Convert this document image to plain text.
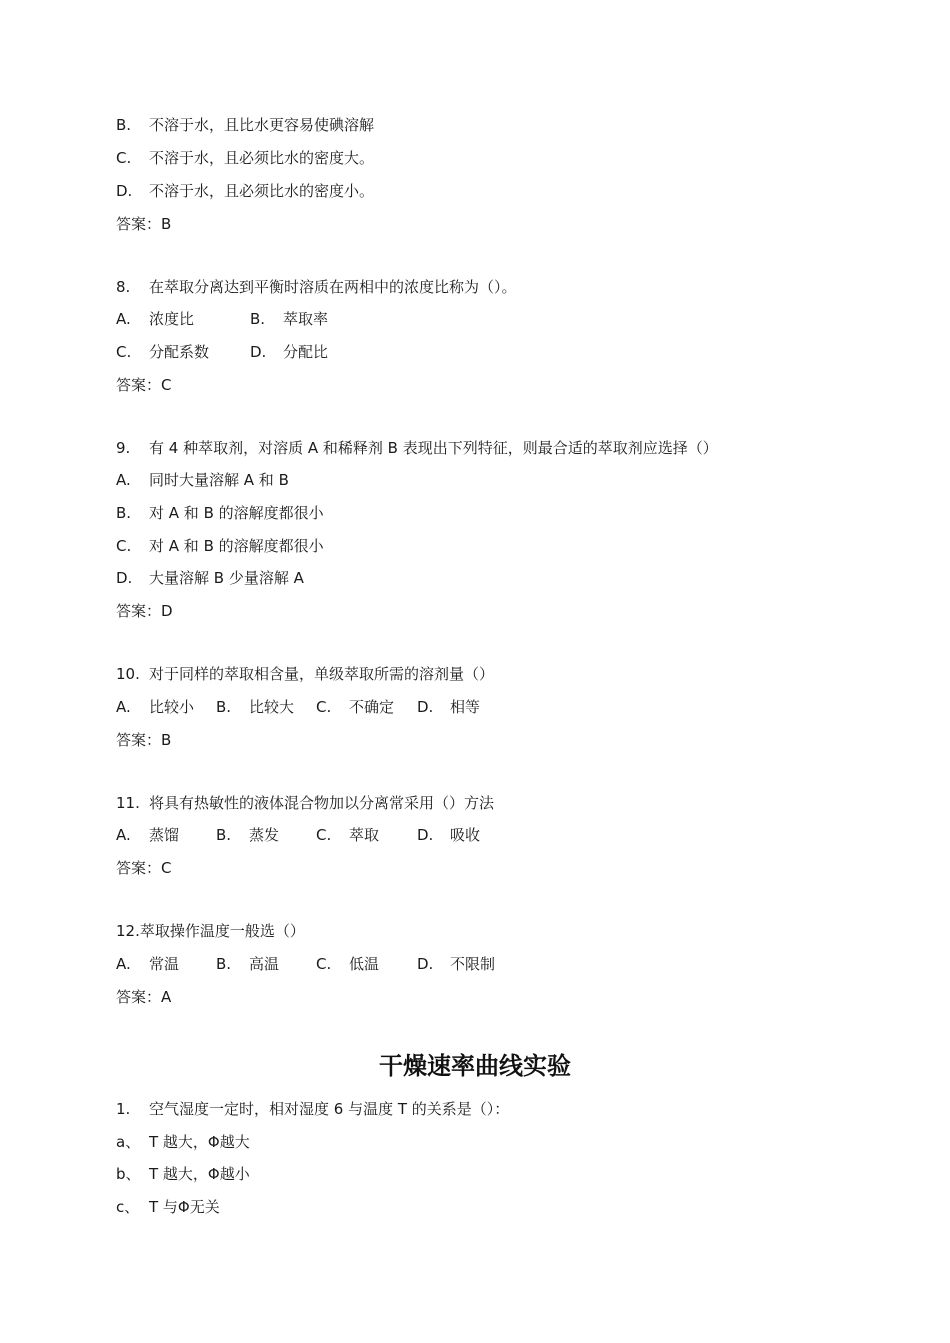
B. 不溶于水，且比水更容易使碘溶解
C. 不溶于水，且必须比水的密度大。
D. 不溶于水，且必须比水的密度小。
答案：B
8. 在萃取分离达到平衡时溶质在两相中的浓度比称为（）。
A. 浓度比	B. 萃取率
C. 分配系数	D. 分配比
答案：C
9. 有 4 种萃取剂，对溶质 A 和稀释剂 B 表现出下列特征，则最合适的萃取剂应选择（）
A. 同时大量溶解 A 和 B
B. 对 A 和 B 的溶解度都很小
C. 对 A 和 B 的溶解度都很小
D. 大量溶解 B 少量溶解 A
答案：D
10. 对于同样的萃取相含量，单级萃取所需的溶剂量（）
A. 比较小 B. 比较大 C. 不确定 D. 相等
答案：B
11. 将具有热敏性的液体混合物加以分离常采用（）方法
A. 蒸馏 B. 蒸发 C. 萃取	D. 吸收
答案：C
12.萃取操作温度一般选（）
A. 常温 B. 高温 C. 低温	D. 不限制
答案：A
干燥速率曲线实验
1. 空气湿度一定时，相对湿度 6 与温度 T 的关系是（）：
a、 T 越大，Φ越大
b、 T 越大，Φ越小
c、 T 与Φ无关
